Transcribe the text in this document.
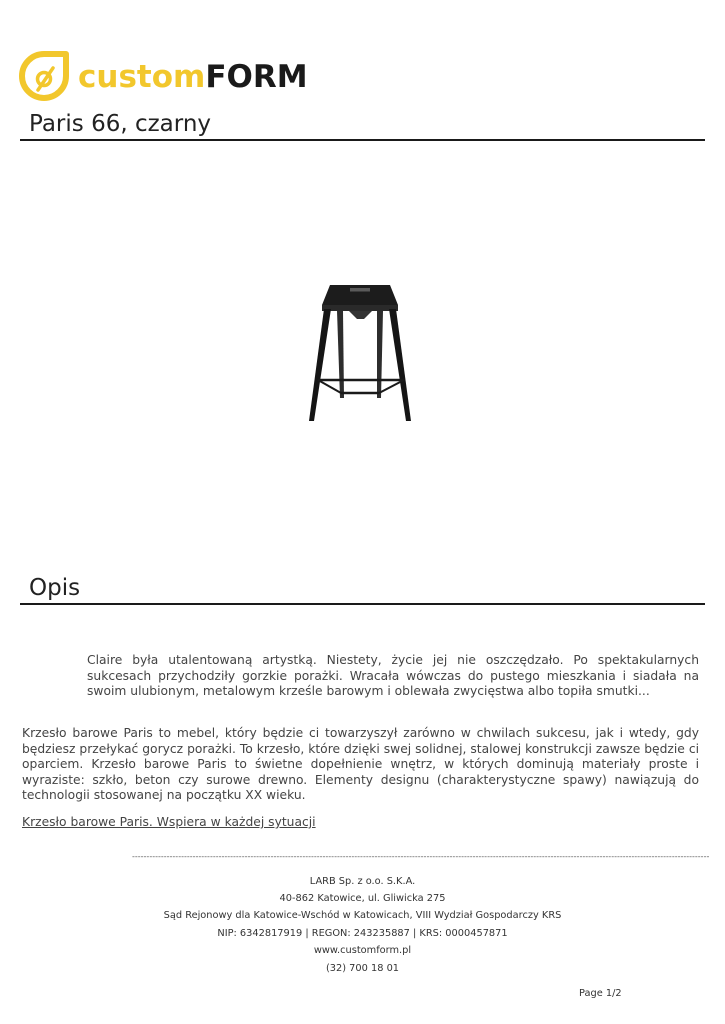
customFORM
Paris 66, czarny
Opis

Claire była utalentowaną artystką. Niestety, życie jej nie oszczędzało. Po spektakularnych sukcesach przychodziły gorzkie porażki. Wracała wówczas do pustego mieszkania i siadała na swoim ulubionym, metalowym krześle barowym i oblewała zwycięstwa albo topiła smutki...

Krzesło barowe Paris to mebel, który będzie ci towarzyszył zarówno w chwilach sukcesu, jak i wtedy, gdy będziesz przełykać gorycz porażki. To krzesło, które dzięki swej solidnej, stalowej konstrukcji zawsze będzie ci oparciem. Krzesło barowe Paris to świetne dopełnienie wnętrz, w których dominują materiały proste i wyraziste: szkło, beton czy surowe drewno. Elementy designu (charakterystyczne spawy) nawiązują do technologii stosowanej na początku XX wieku.

Krzesło barowe Paris. Wspiera w każdej sytuacji
--------------------------------------------------------------------------------------------------------------------------------------------------------------------------------------------------------
LARB Sp. z o.o. S.K.A.
40-862 Katowice, ul. Gliwicka 275
Sąd Rejonowy dla Katowice-Wschód w Katowicach, VIII Wydział Gospodarczy KRS
NIP: 6342817919 | REGON: 243235887 | KRS: 0000457871
www.customform.pl
(32) 700 18 01
Page 1/2
